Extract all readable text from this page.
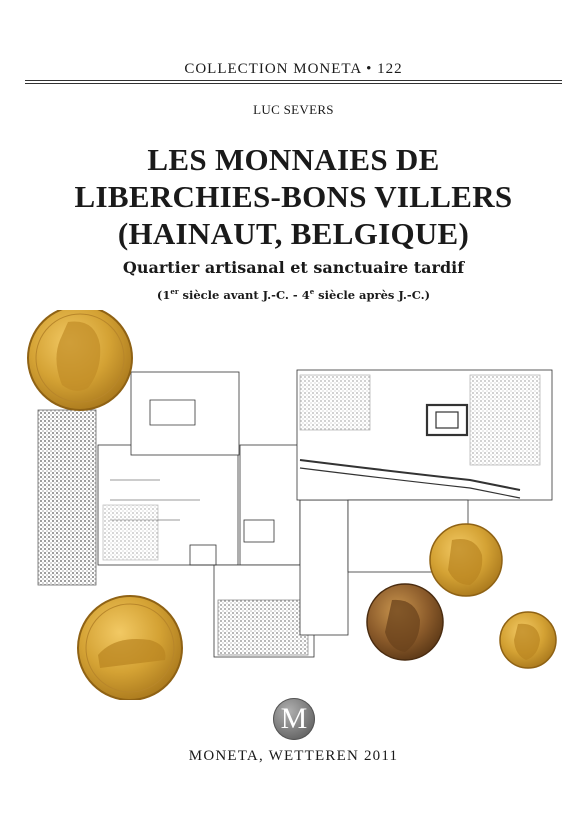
COLLECTION MONETA • 122
LUC SEVERS
LES MONNAIES DE
LIBERCHIES-BONS VILLERS
(HAINAUT, BELGIQUE)
Quartier artisanal et sanctuaire tardif
(1er siècle avant J.-C. - 4e siècle après J.-C.)
M
MONETA, WETTEREN 2011
